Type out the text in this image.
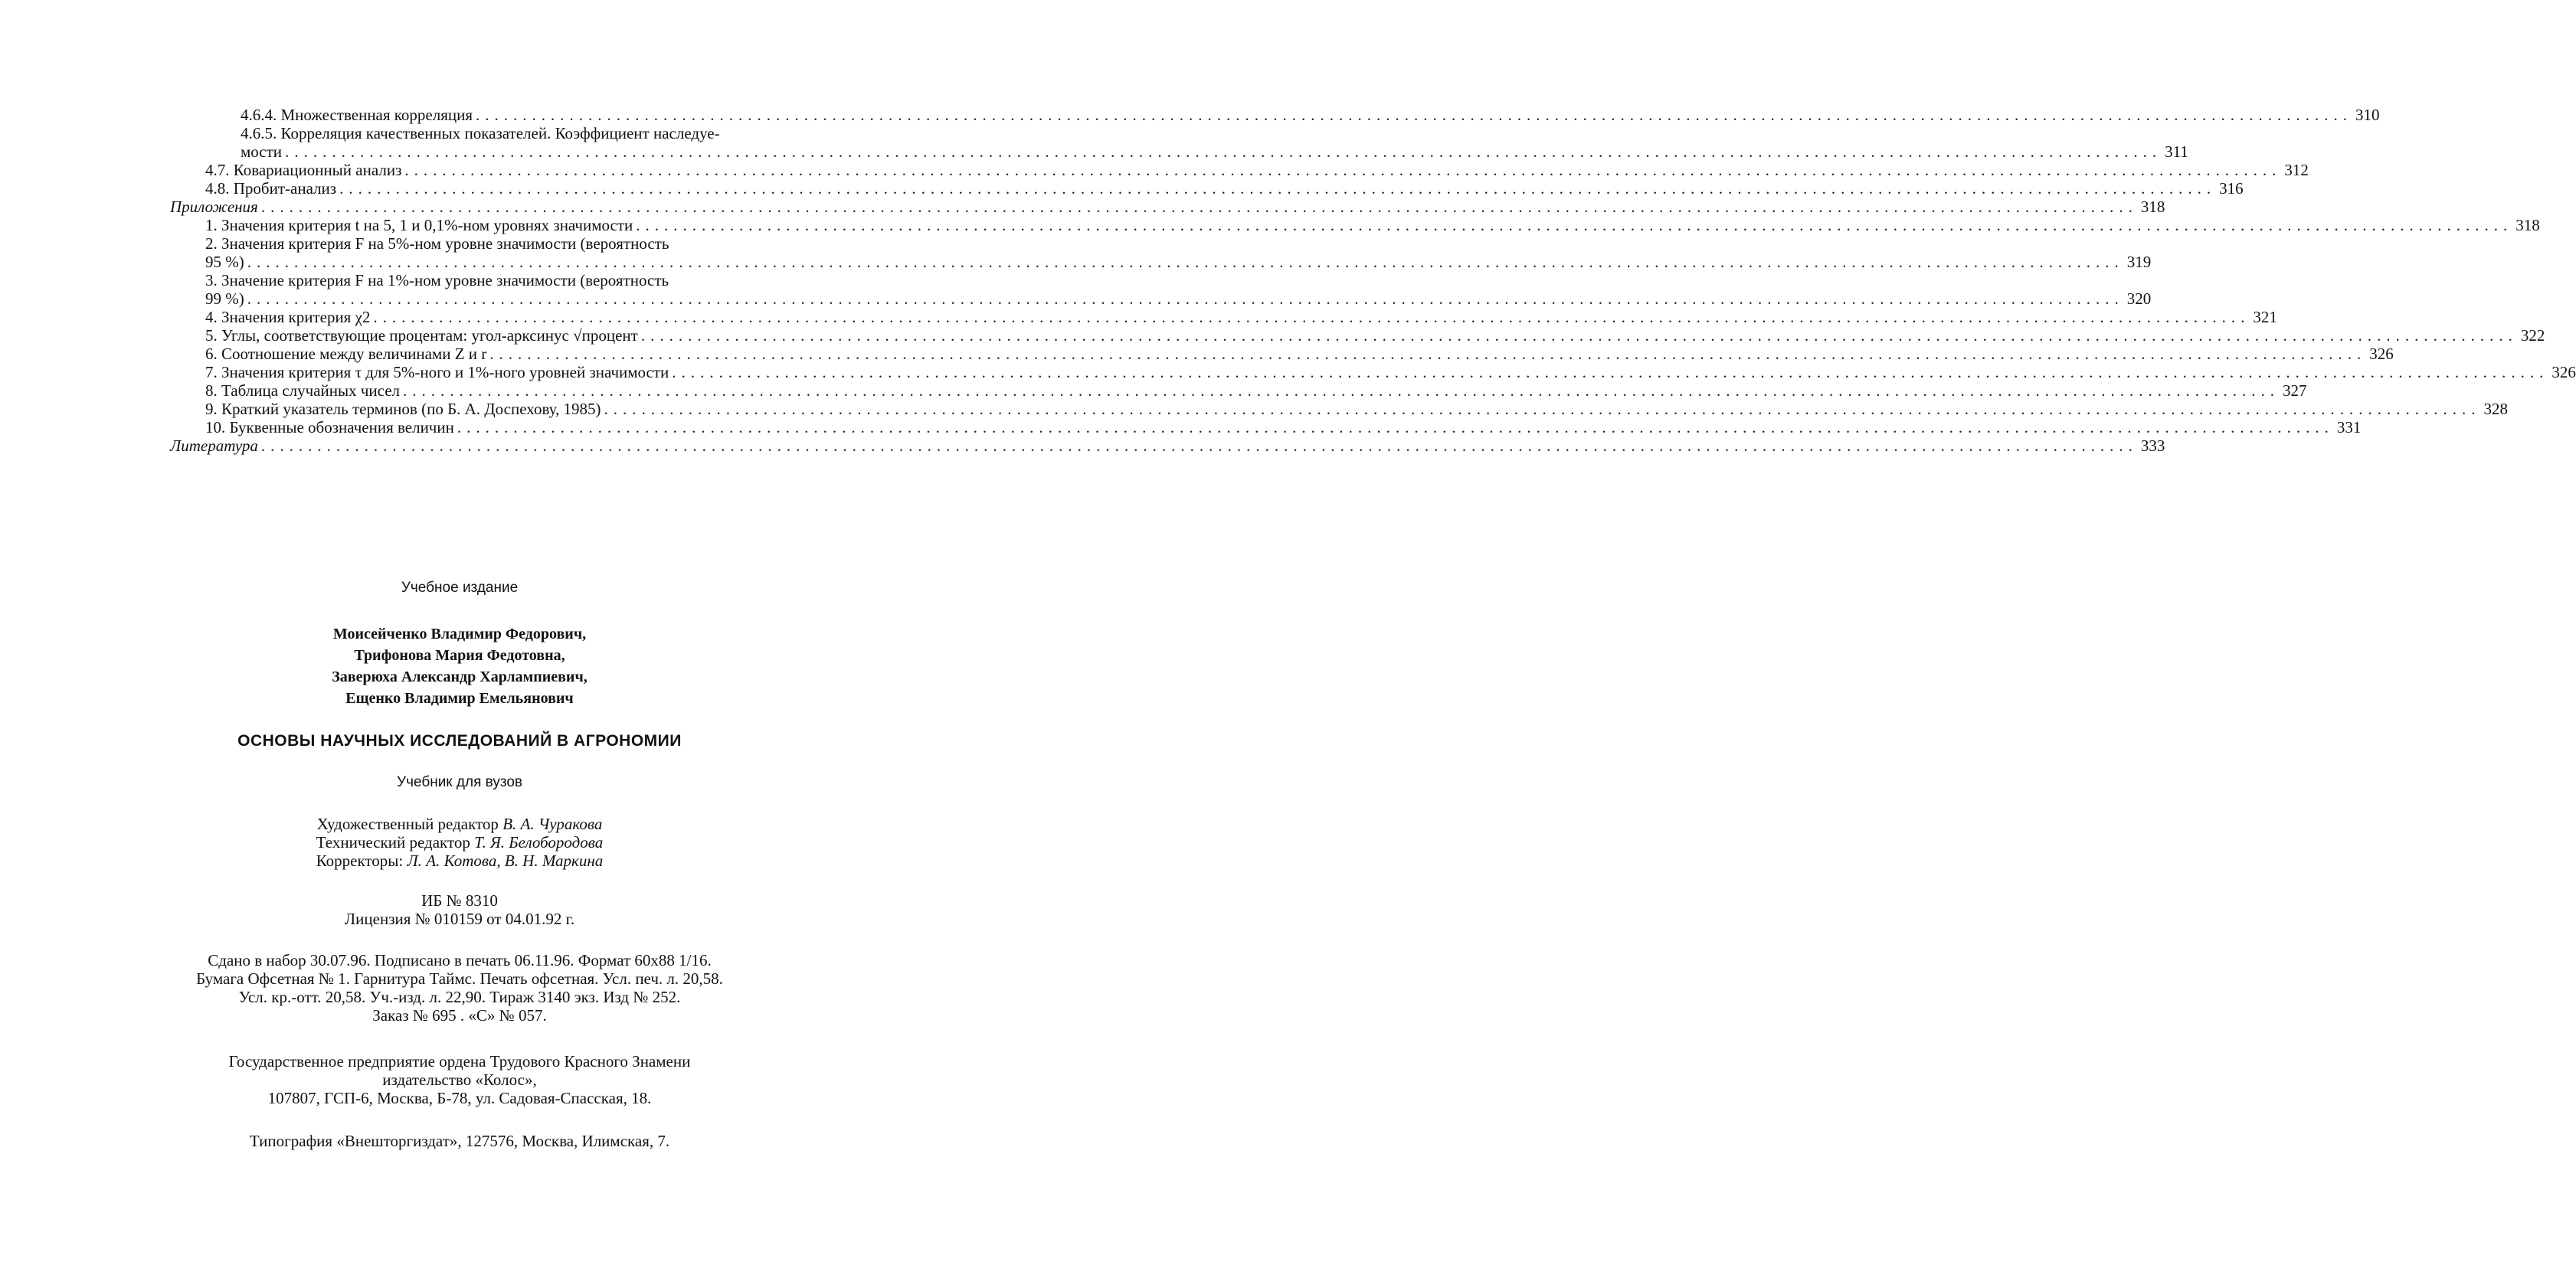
4.6.4. Множественная корреляция ........................................................................................................................................................................................................ 310
4.6.5. Корреляция качественных показателей. Коэффициент наследуе-
мости ........................................................................................................................................................................................................ 311
4.7. Ковариационный анализ ........................................................................................................................................................................................................ 312
4.8. Пробит-анализ ........................................................................................................................................................................................................ 316
Приложения ........................................................................................................................................................................................................ 318
1. Значения критерия t на 5, 1 и 0,1%-ном уровнях значимости ........................................................................................................................................................................................................ 318
2. Значения критерия F на 5%-ном уровне значимости (вероятность
95 %) ........................................................................................................................................................................................................ 319
3. Значение критерия F на 1%-ном уровне значимости (вероятность
99 %) ........................................................................................................................................................................................................ 320
4. Значения критерия χ2 ........................................................................................................................................................................................................ 321
5. Углы, соответствующие процентам: угол-арксинус √процент ........................................................................................................................................................................................................ 322
6. Соотношение между величинами Z и r ........................................................................................................................................................................................................ 326
7. Значения критерия τ для 5%-ного и 1%-ного уровней значимости ........................................................................................................................................................................................................ 326
8. Таблица случайных чисел ........................................................................................................................................................................................................ 327
9. Краткий указатель терминов (по Б. А. Доспехову, 1985) ........................................................................................................................................................................................................ 328
10. Буквенные обозначения величин ........................................................................................................................................................................................................ 331
Литература ........................................................................................................................................................................................................ 333
Учебное издание
Моисейченко Владимир Федорович,
Трифонова Мария Федотовна,
Заверюха Александр Харлампиевич,
Ещенко Владимир Емельянович
ОСНОВЫ НАУЧНЫХ ИССЛЕДОВАНИЙ В АГРОНОМИИ
Учебник для вузов
Художественный редактор В. А. Чуракова
Технический редактор Т. Я. Белобородова
Корректоры: Л. А. Котова, В. Н. Маркина
ИБ № 8310
Лицензия № 010159 от 04.01.92 г.
Сдано в набор 30.07.96. Подписано в печать 06.11.96. Формат 60х88 1/16.
Бумага Офсетная № 1. Гарнитура Таймс. Печать офсетная. Усл. печ. л. 20,58.
Усл. кр.-отт. 20,58. Уч.-изд. л. 22,90. Тираж 3140 экз. Изд № 252.
Заказ № 695 . «С» № 057.
Государственное предприятие ордена Трудового Красного Знамени
издательство «Колос»,
107807, ГСП-6, Москва, Б-78, ул. Садовая-Спасская, 18.
Типография «Внешторгиздат», 127576, Москва, Илимская, 7.
